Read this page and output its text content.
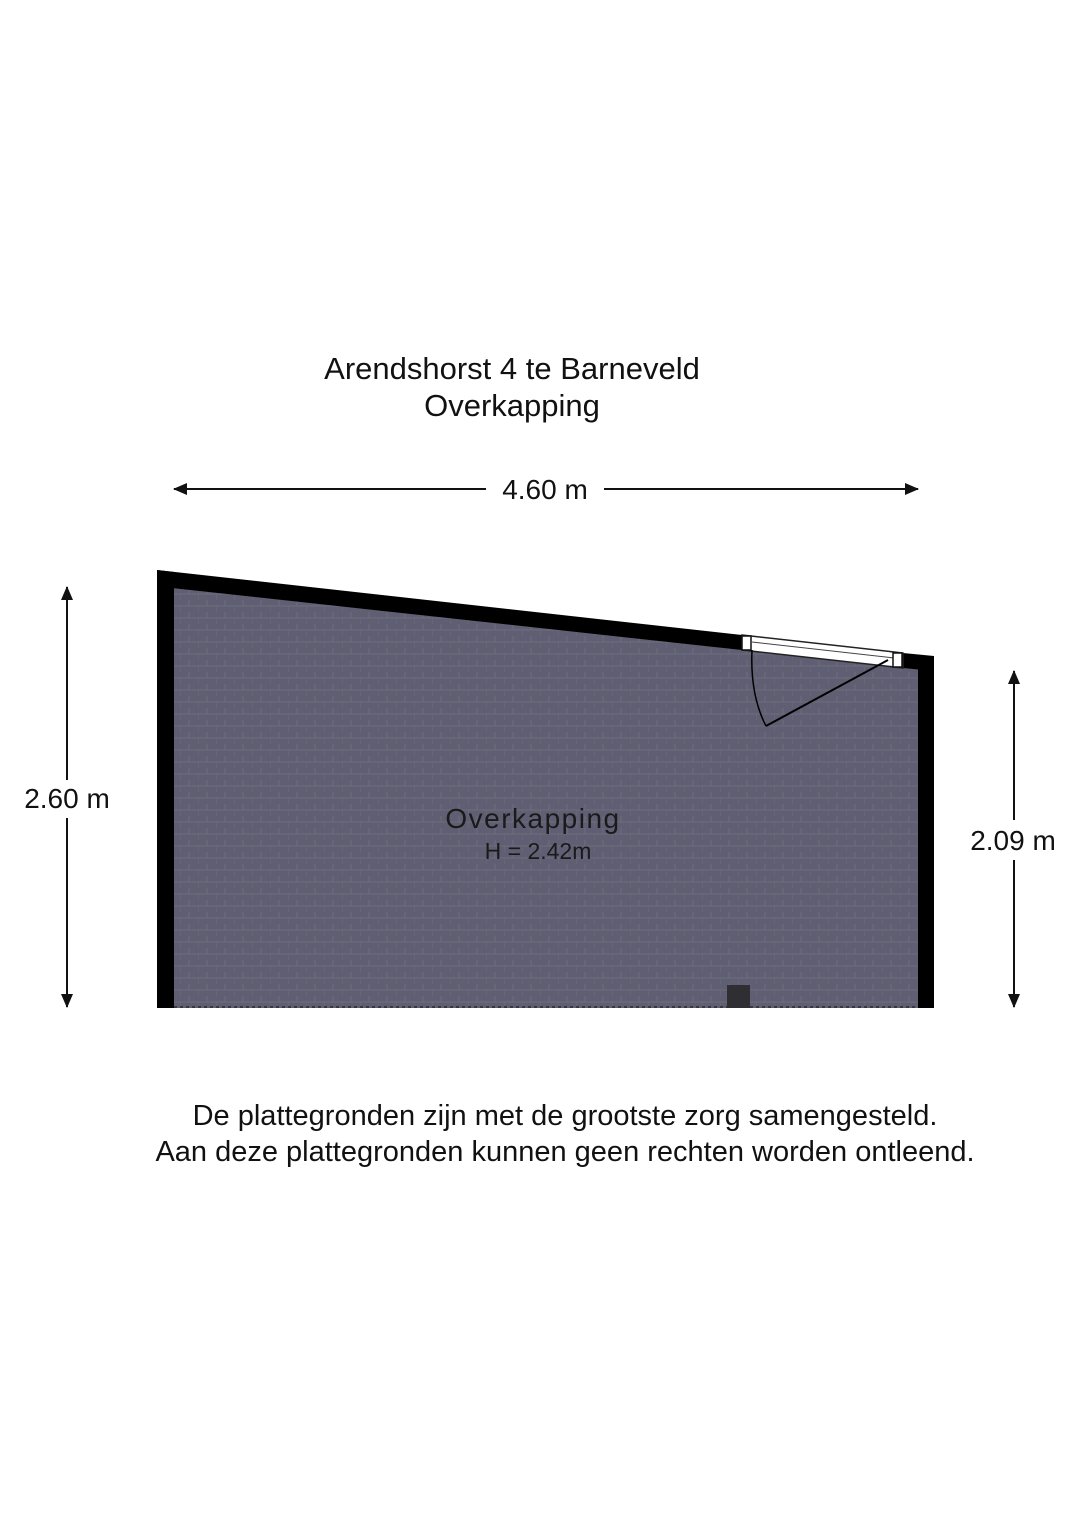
Arendshorst 4 te Barneveld
Overkapping
4.60 m
2.60 m
2.09 m
Overkapping
H = 2.42m
De plattegronden zijn met de grootste zorg samengesteld.
Aan deze plattegronden kunnen geen rechten worden ontleend.
